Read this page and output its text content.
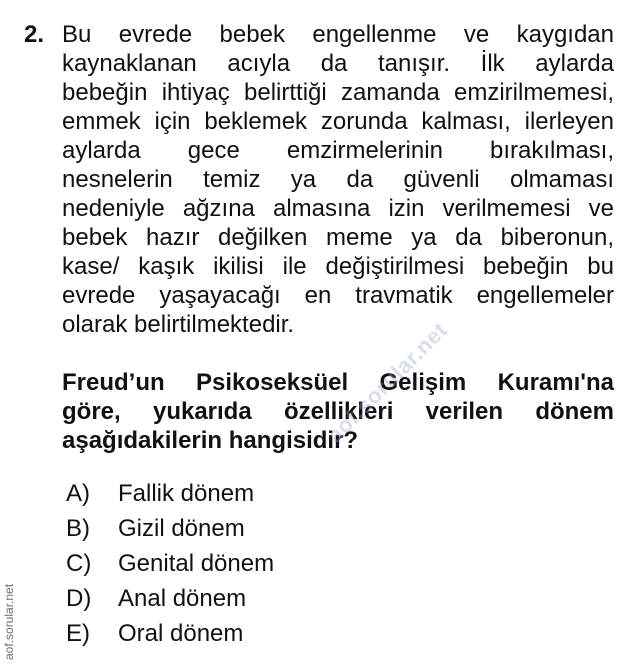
2. Bu evrede bebek engellenme ve kaygıdan
kaynaklanan acıyla da tanışır. İlk aylarda
bebeğin ihtiyaç belirttiği zamanda emzirilmemesi,
emmek için beklemek zorunda kalması, ilerleyen
aylarda gece emzirmelerinin bırakılması,
nesnelerin temiz ya da güvenli olmaması
nedeniyle ağzına almasına izin verilmemesi ve
bebek hazır değilken meme ya da biberonun,
kase/ kaşık ikilisi ile değiştirilmesi bebeğin bu
evrede yaşayacağı en travmatik engellemeler
olarak belirtilmektedir.
Freud’un Psikoseksüel Gelişim Kuramı'na
göre, yukarıda özellikleri verilen dönem
aşağıdakilerin hangisidir?
A)	Fallik dönem
B)	Gizil dönem
C)	Genital dönem
D)	Anal dönem
E)	Oral dönem
aof.sorular.net
aof.sorular.net
